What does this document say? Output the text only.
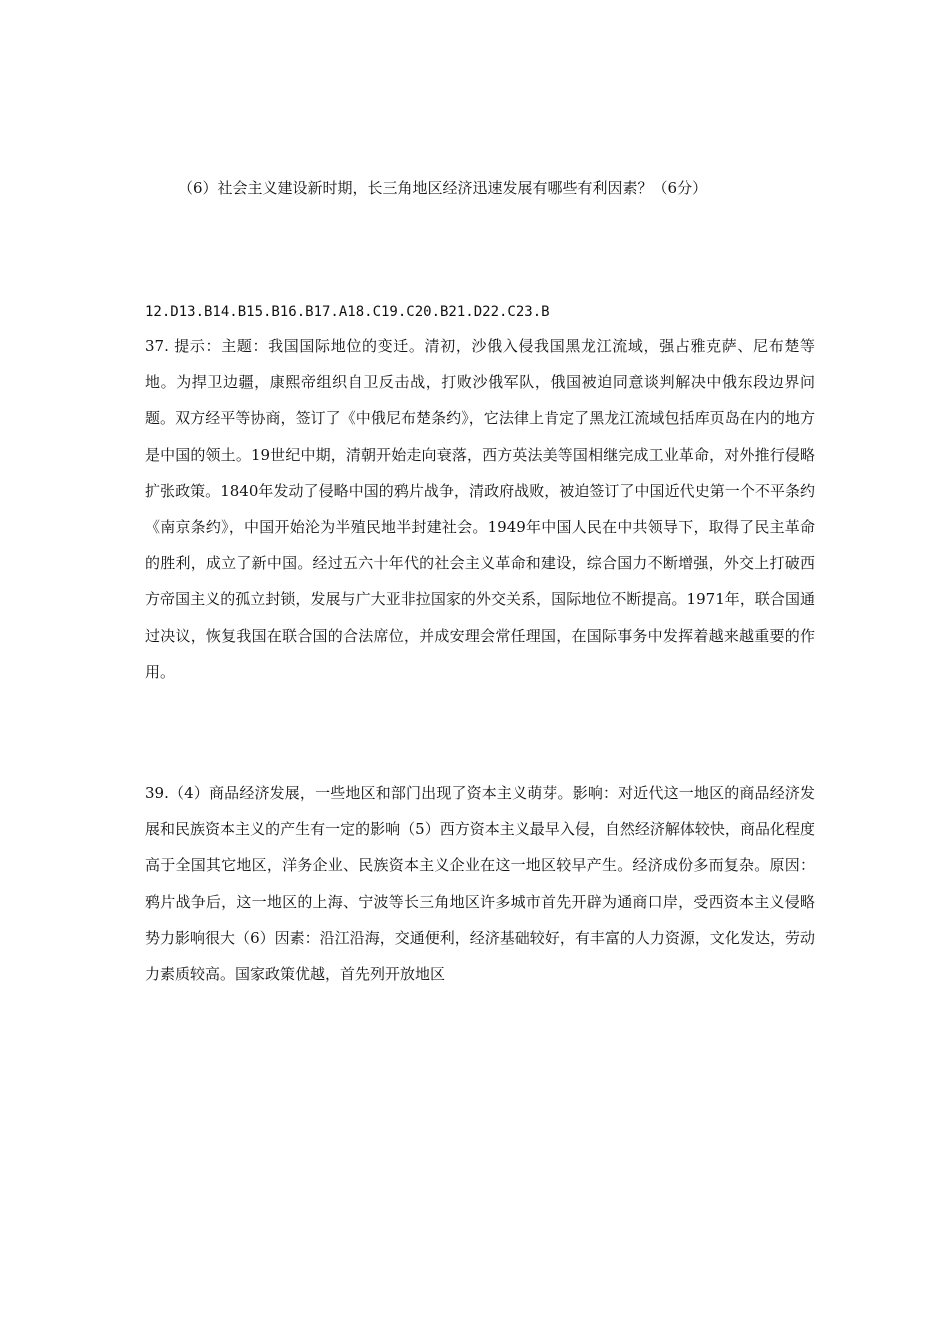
（6）社会主义建设新时期，长三角地区经济迅速发展有哪些有利因素？（6分）
12.D13.B14.B15.B16.B17.A18.C19.C20.B21.D22.C23.B
37. 提示：主题：我国国际地位的变迁。清初，沙俄入侵我国黑龙江流域，强占雅克萨、尼布楚等地。为捍卫边疆，康熙帝组织自卫反击战，打败沙俄军队，俄国被迫同意谈判解决中俄东段边界问题。双方经平等协商，签订了《中俄尼布楚条约》，它法律上肯定了黑龙江流域包括库页岛在内的地方是中国的领土。19世纪中期，清朝开始走向衰落，西方英法美等国相继完成工业革命，对外推行侵略扩张政策。1840年发动了侵略中国的鸦片战争，清政府战败，被迫签订了中国近代史第一个不平条约《南京条约》，中国开始沦为半殖民地半封建社会。1949年中国人民在中共领导下，取得了民主革命的胜利，成立了新中国。经过五六十年代的社会主义革命和建设，综合国力不断增强，外交上打破西方帝国主义的孤立封锁，发展与广大亚非拉国家的外交关系，国际地位不断提高。1971年，联合国通过决议，恢复我国在联合国的合法席位，并成安理会常任理国，在国际事务中发挥着越来越重要的作用。
39.（4）商品经济发展，一些地区和部门出现了资本主义萌芽。影响：对近代这一地区的商品经济发展和民族资本主义的产生有一定的影响（5）西方资本主义最早入侵，自然经济解体较快，商品化程度高于全国其它地区，洋务企业、民族资本主义企业在这一地区较早产生。经济成份多而复杂。原因：鸦片战争后，这一地区的上海、宁波等长三角地区许多城市首先开辟为通商口岸，受西资本主义侵略势力影响很大（6）因素：沿江沿海，交通便利，经济基础较好，有丰富的人力资源，文化发达，劳动力素质较高。国家政策优越，首先列开放地区
